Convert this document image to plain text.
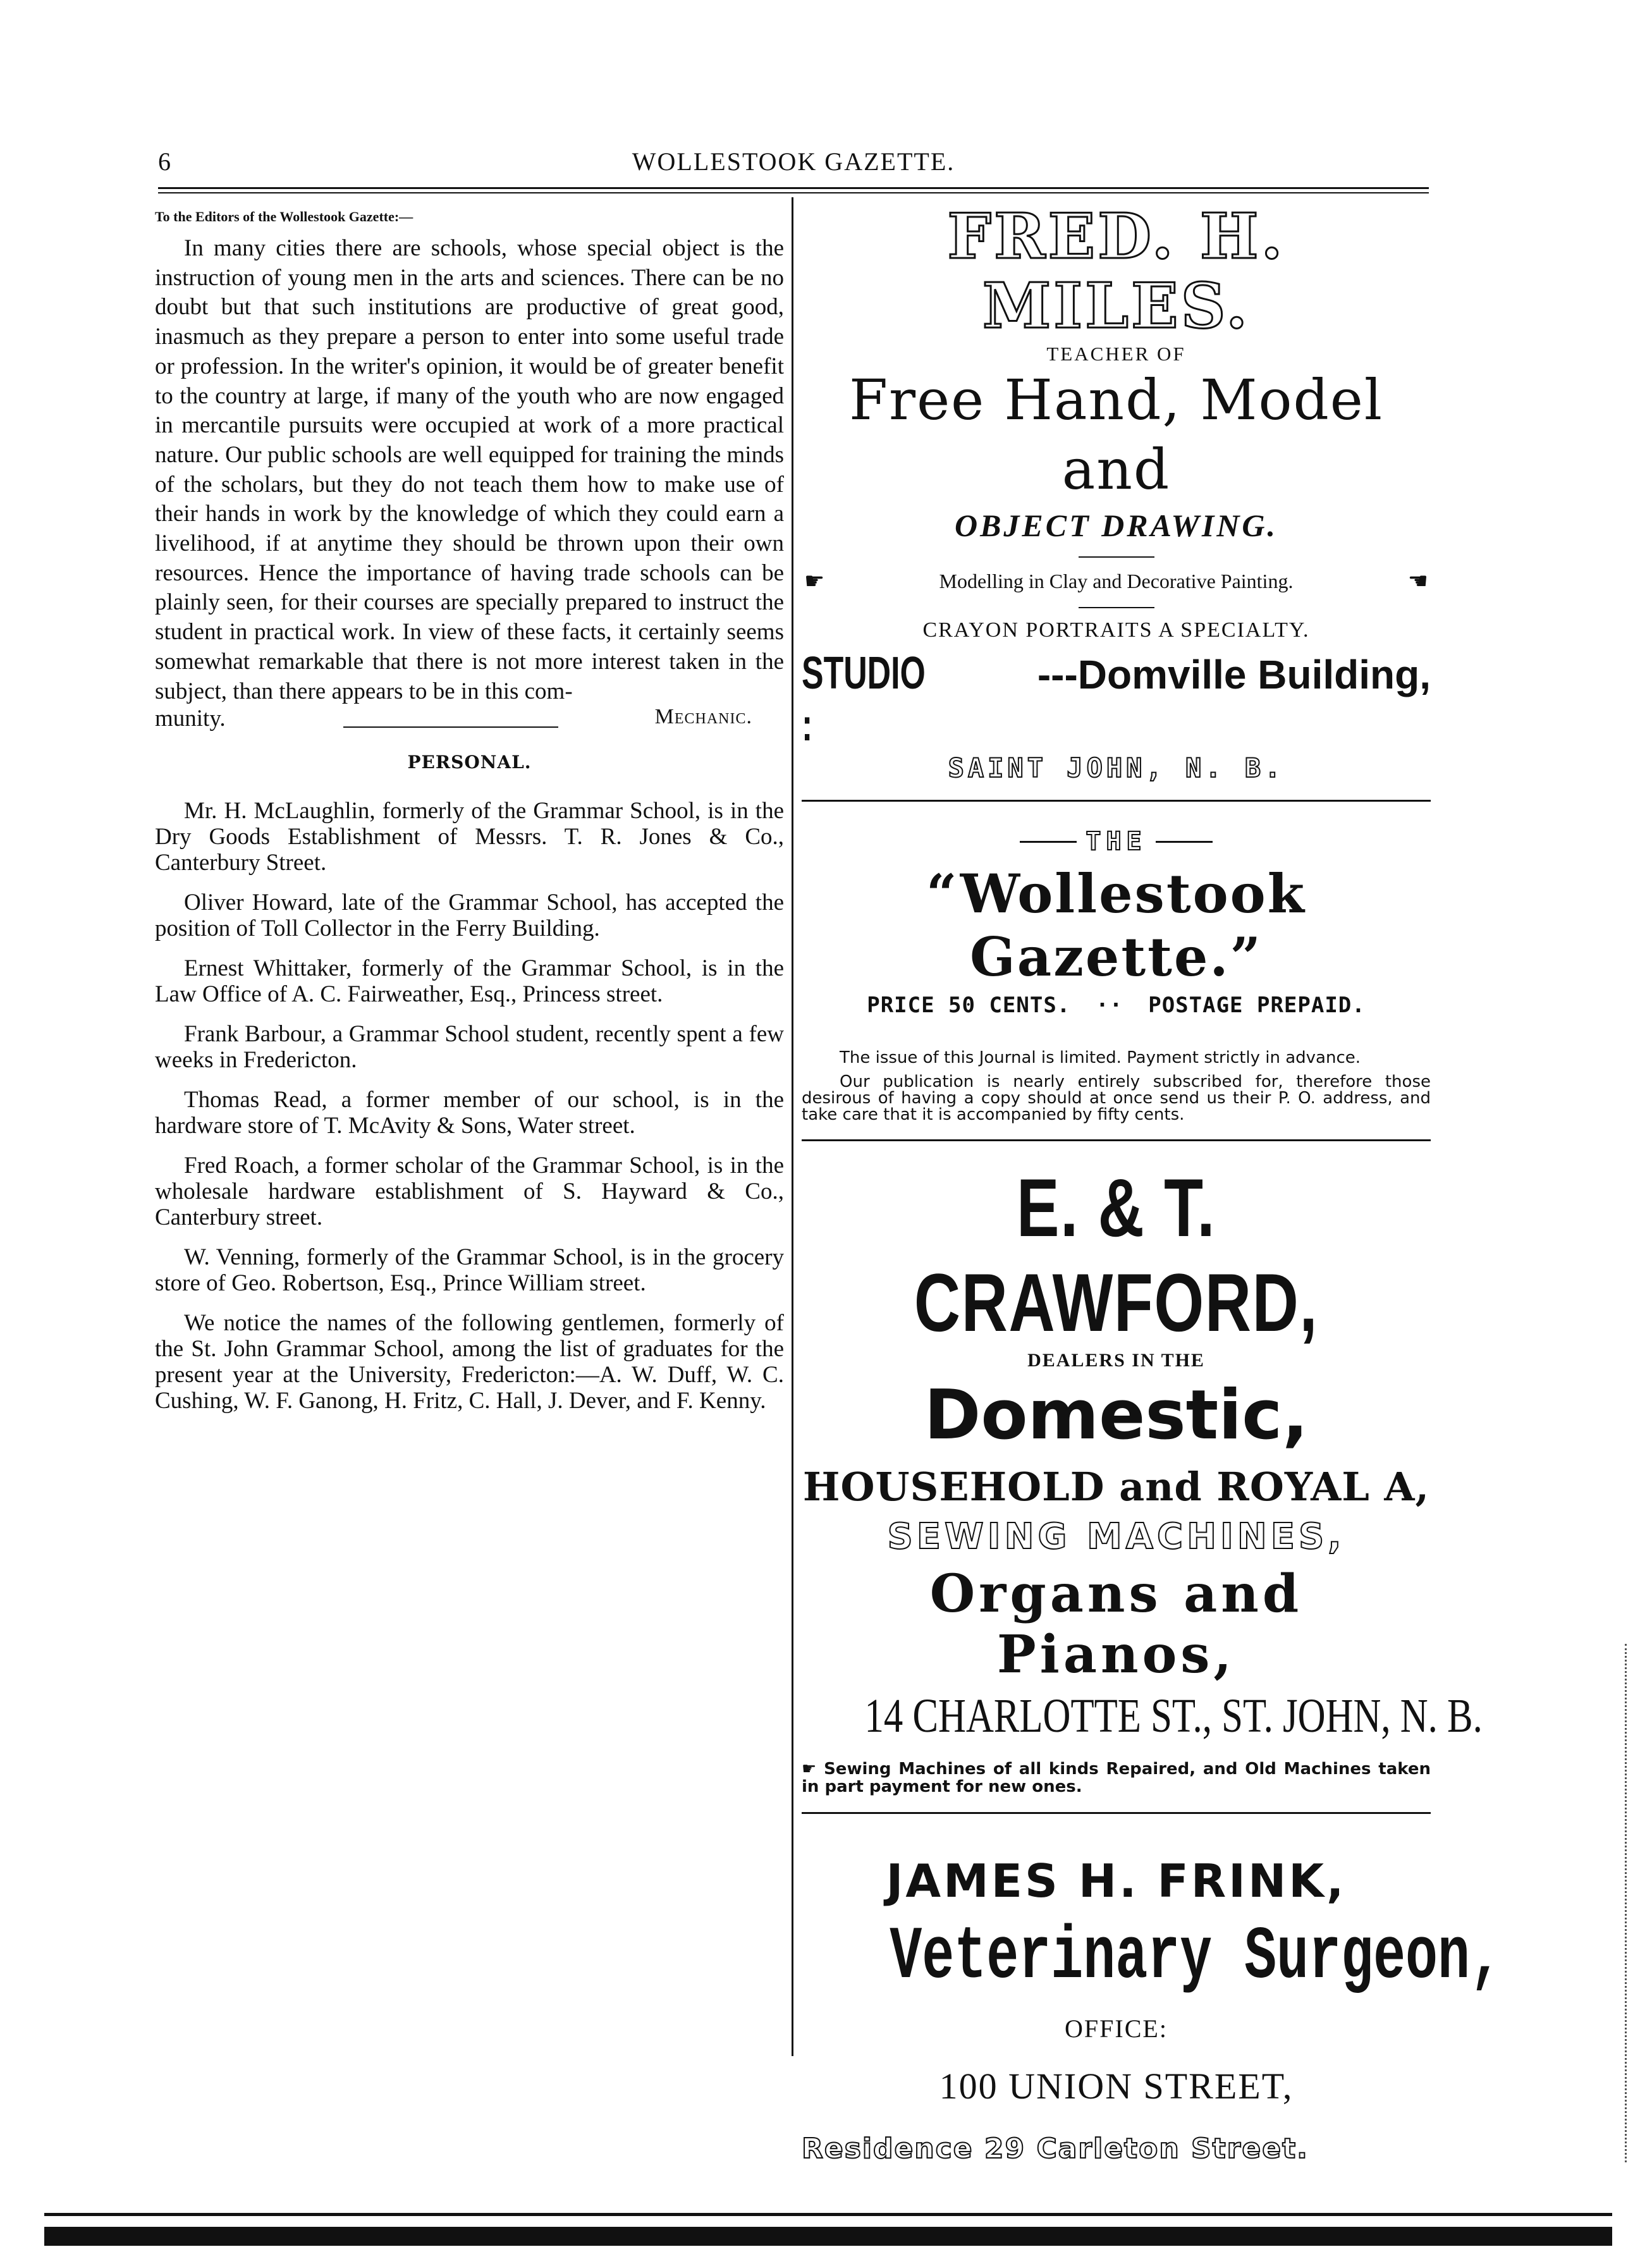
6	WOLLESTOOK GAZETTE.
To the Editors of the Wollestook Gazette:—
In many cities there are schools, whose special object is the instruction of young men in the arts and sciences. There can be no doubt but that such institutions are productive of great good, inasmuch as they prepare a person to enter into some useful trade or profession. In the writer's opinion, it would be of greater benefit to the country at large, if many of the youth who are now engaged in mercantile pursuits were occupied at work of a more practical nature. Our public schools are well equipped for training the minds of the scholars, but they do not teach them how to make use of their hands in work by the knowledge of which they could earn a livelihood, if at anytime they should be thrown upon their own resources. Hence the importance of having trade schools can be plainly seen, for their courses are specially prepared to instruct the student in practical work. In view of these facts, it certainly seems somewhat remarkable that there is not more interest taken in the subject, than there appears to be in this com-
munity.	Mechanic.
PERSONAL.

Mr. H. McLaughlin, formerly of the Grammar School, is in the Dry Goods Establishment of Messrs. T. R. Jones & Co., Canterbury Street.

Oliver Howard, late of the Grammar School, has accepted the position of Toll Collector in the Ferry Building.

Ernest Whittaker, formerly of the Grammar School, is in the Law Office of A. C. Fairweather, Esq., Princess street.

Frank Barbour, a Grammar School student, recently spent a few weeks in Fredericton.

Thomas Read, a former member of our school, is in the hardware store of T. McAvity & Sons, Water street.

Fred Roach, a former scholar of the Grammar School, is in the wholesale hardware establishment of S. Hayward & Co., Canterbury street.

W. Venning, formerly of the Grammar School, is in the grocery store of Geo. Robertson, Esq., Prince William street.

We notice the names of the following gentlemen, formerly of the St. John Grammar School, among the list of graduates for the present year at the University, Fredericton:—A. W. Duff, W. C. Cushing, W. F. Ganong, H. Fritz, C. Hall, J. Dever, and F. Kenny.

FRED. H. MILES.
TEACHER OF
Free Hand, Model and
OBJECT DRAWING.
☛	Modelling in Clay and Decorative Painting.	☚
CRAYON PORTRAITS A SPECIALTY.
STUDIO :
---Domville Building,
SAINT JOHN, N. B.
THE
“Wollestook Gazette.”
PRICE 50 CENTS. ·· POSTAGE PREPAID.
The issue of this Journal is limited. Payment strictly in advance.
Our publication is nearly entirely subscribed for, therefore those desirous of having a copy should at once send us their P. O. address, and take care that it is accompanied by fifty cents.
E. & T. CRAWFORD,
DEALERS IN THE
Domestic,
HOUSEHOLD and ROYAL A,
SEWING MACHINES,
Organs and Pianos,
14 CHARLOTTE ST., ST. JOHN, N. B.
☛ Sewing Machines of all kinds Repaired, and Old Machines taken in part payment for new ones.
JAMES H. FRINK,
Veterinary Surgeon,
OFFICE:
100 UNION STREET,
Residence 29 Carleton Street.
